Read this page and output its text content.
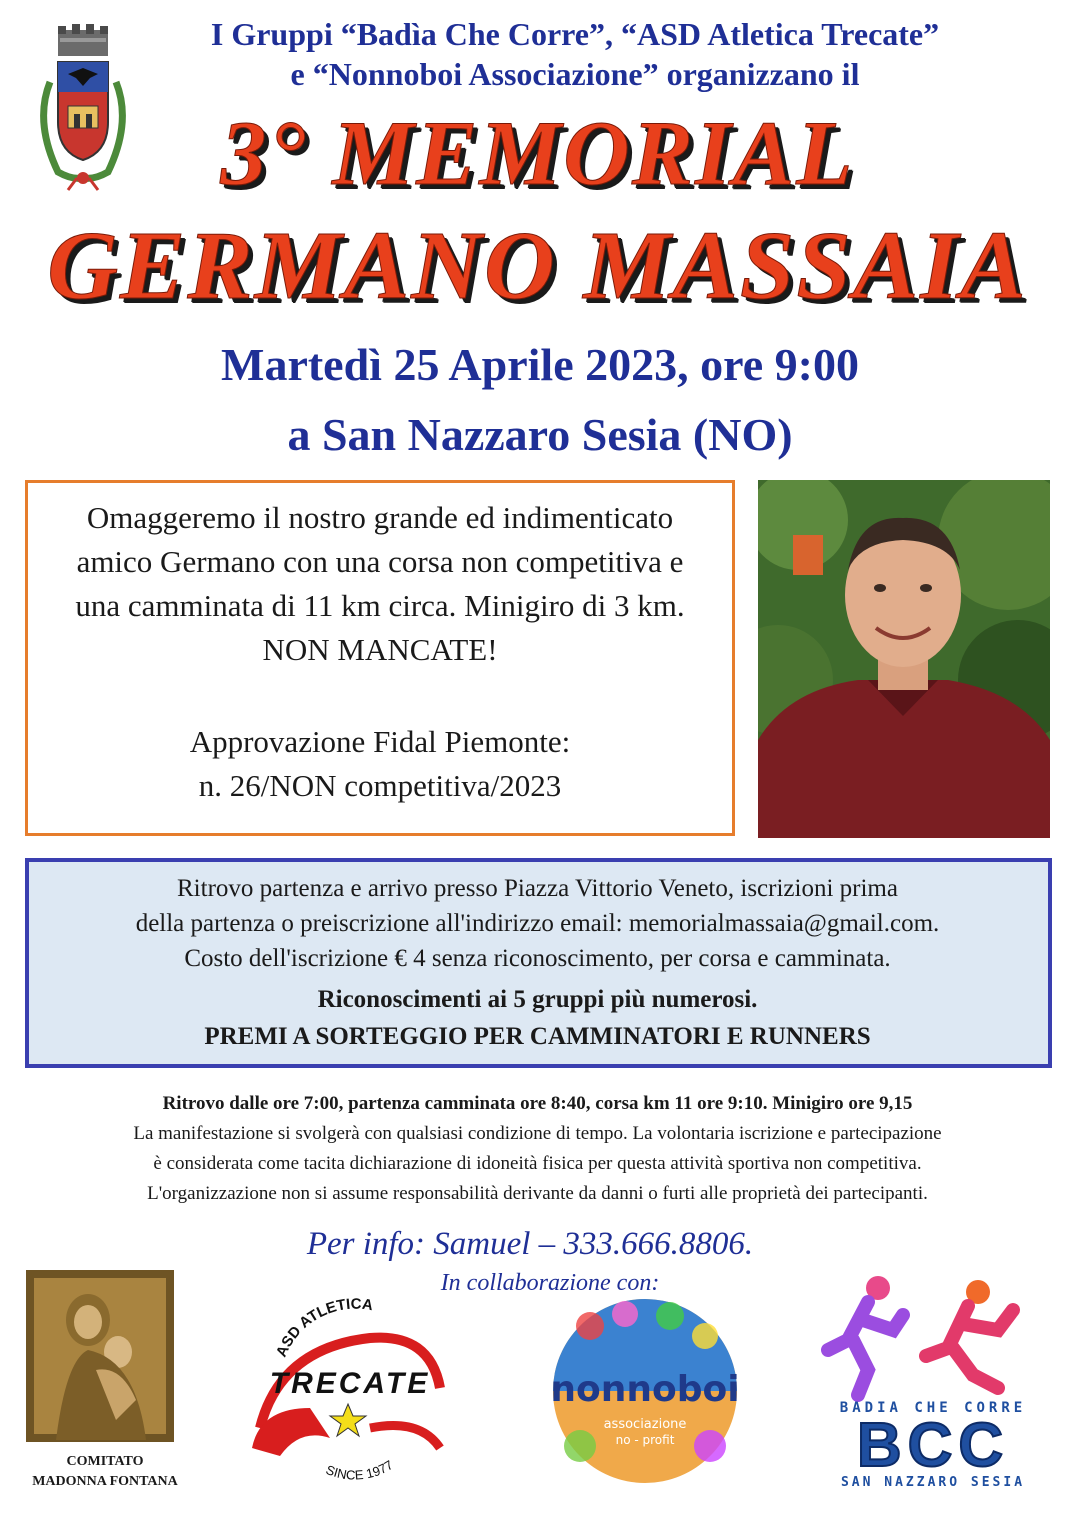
I Gruppi “Badìa Che Corre”, “ASD Atletica Trecate”
e “Nonnoboi Associazione” organizzano il
3° MEMORIAL
GERMANO MASSAIA
Martedì 25 Aprile 2023, ore 9:00
a San Nazzaro Sesia (NO)
Omaggeremo il nostro grande ed indimenticato
amico Germano con una corsa non competitiva e
una camminata di 11 km circa. Minigiro di 3 km.
NON MANCATE!
Approvazione Fidal Piemonte:
n. 26/NON competitiva/2023
Ritrovo partenza e arrivo presso Piazza Vittorio Veneto, iscrizioni prima
della partenza o preiscrizione all'indirizzo email: memorialmassaia@gmail.com.
Costo dell'iscrizione € 4 senza riconoscimento, per corsa e camminata.
Riconoscimenti ai 5 gruppi più numerosi.
PREMI A SORTEGGIO PER CAMMINATORI E RUNNERS
Ritrovo dalle ore 7:00, partenza camminata ore 8:40, corsa km 11 ore 9:10. Minigiro ore 9,15
La manifestazione si svolgerà con qualsiasi condizione di tempo. La volontaria iscrizione e partecipazione
è considerata come tacita dichiarazione di idoneità fisica per questa attività sportiva non competitiva.
L'organizzazione non si assume responsabilità derivante da danni o furti alle proprietà dei partecipanti.
Per info: Samuel – 333.666.8806.
In collaborazione con:
COMITATO
MADONNA FONTANA
ASD ATLETICA
TRECATE
SINCE 1977
nonnoboi
associazione
no - profit
BADIA CHE CORRE
BCC
SAN NAZZARO SESIA
